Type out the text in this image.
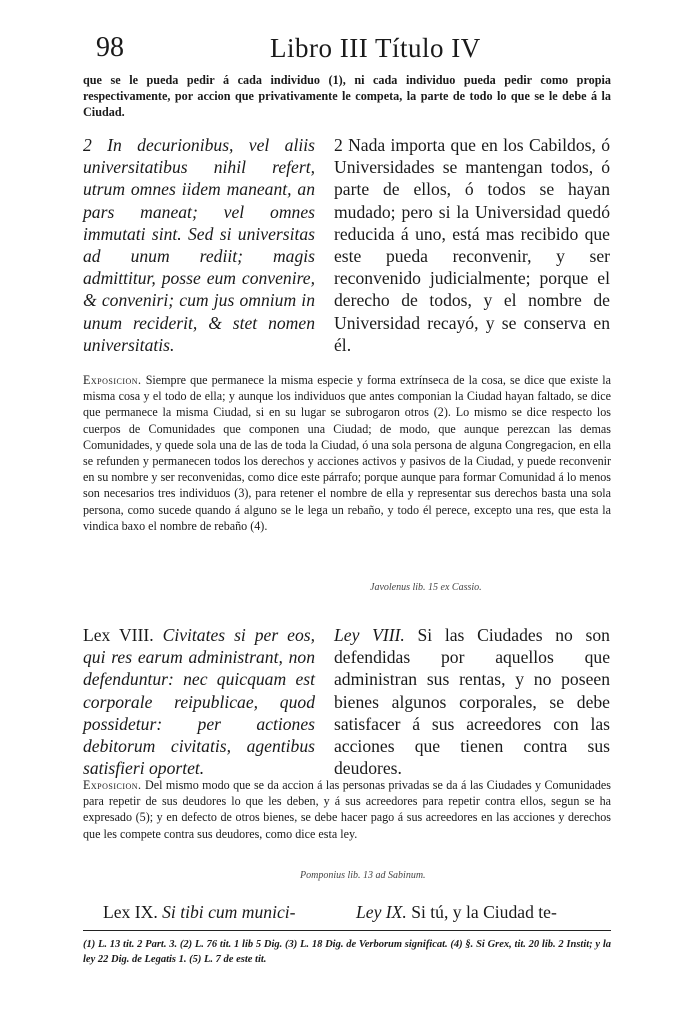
98	Libro III Título IV
que se le pueda pedir á cada individuo (1), ni cada individuo pueda pedir como propia respectivamente, por accion que privativamente le competa, la parte de todo lo que se le debe á la Ciudad.
2 In decurionibus, vel aliis universitatibus nihil refert, utrum omnes iidem maneant, an pars maneat; vel omnes immutati sint. Sed si universitas ad unum rediit; magis admittitur, posse eum convenire, & conveniri; cum jus omnium in unum reciderit, & stet nomen universitatis.
2 Nada importa que en los Cabildos, ó Universidades se mantengan todos, ó parte de ellos, ó todos se hayan mudado; pero si la Universidad quedó reducida á uno, está mas recibido que este pueda reconvenir, y ser reconvenido judicialmente; porque el derecho de todos, y el nombre de Universidad recayó, y se conserva en él.
Exposicion. Siempre que permanece la misma especie y forma extrínseca de la cosa, se dice que existe la misma cosa y el todo de ella; y aunque los individuos que antes componian la Ciudad hayan faltado, se dice que permanece la misma Ciudad, si en su lugar se subrogaron otros (2). Lo mismo se dice respecto los cuerpos de Comunidades que componen una Ciudad; de modo, que aunque perezcan las demas Comunidades, y quede sola una de las de toda la Ciudad, ó una sola persona de alguna Congregacion, en ella se refunden y permanecen todos los derechos y acciones activos y pasivos de la Ciudad, y puede reconvenir en su nombre y ser reconvenidas, como dice este párrafo; porque aunque para formar Comunidad á lo menos son necesarios tres individuos (3), para retener el nombre de ella y representar sus derechos basta una sola persona, como sucede quando á alguno se le lega un rebaño, y todo él perece, excepto una res, que esta la vindica baxo el nombre de rebaño (4).
Javolenus lib. 15 ex Cassio.
Lex VIII. Civitates si per eos, qui res earum administrant, non defenduntur: nec quicquam est corporale reipublicae, quod possidetur: per actiones debitorum civitatis, agentibus satisfieri oportet.
Ley VIII. Si las Ciudades no son defendidas por aquellos que administran sus rentas, y no poseen bienes algunos corporales, se debe satisfacer á sus acreedores con las acciones que tienen contra sus deudores.
Exposicion. Del mismo modo que se da accion á las personas privadas se da á las Ciudades y Comunidades para repetir de sus deudores lo que les deben, y á sus acreedores para repetir contra ellos, segun se ha expresado (5); y en defecto de otros bienes, se debe hacer pago á sus acreedores en las acciones y derechos que les compete contra sus deudores, como dice esta ley.
Pomponius lib. 13 ad Sabinum.
Lex IX. Si tibi cum munici-	Ley IX. Si tú, y la Ciudad te-
(1) L. 13 tit. 2 Part. 3. (2) L. 76 tit. 1 lib 5 Dig. (3) L. 18 Dig. de Verborum significat. (4) §. Si Grex, tit. 20 lib. 2 Instit; y la ley 22 Dig. de Legatis 1. (5) L. 7 de este tit.
